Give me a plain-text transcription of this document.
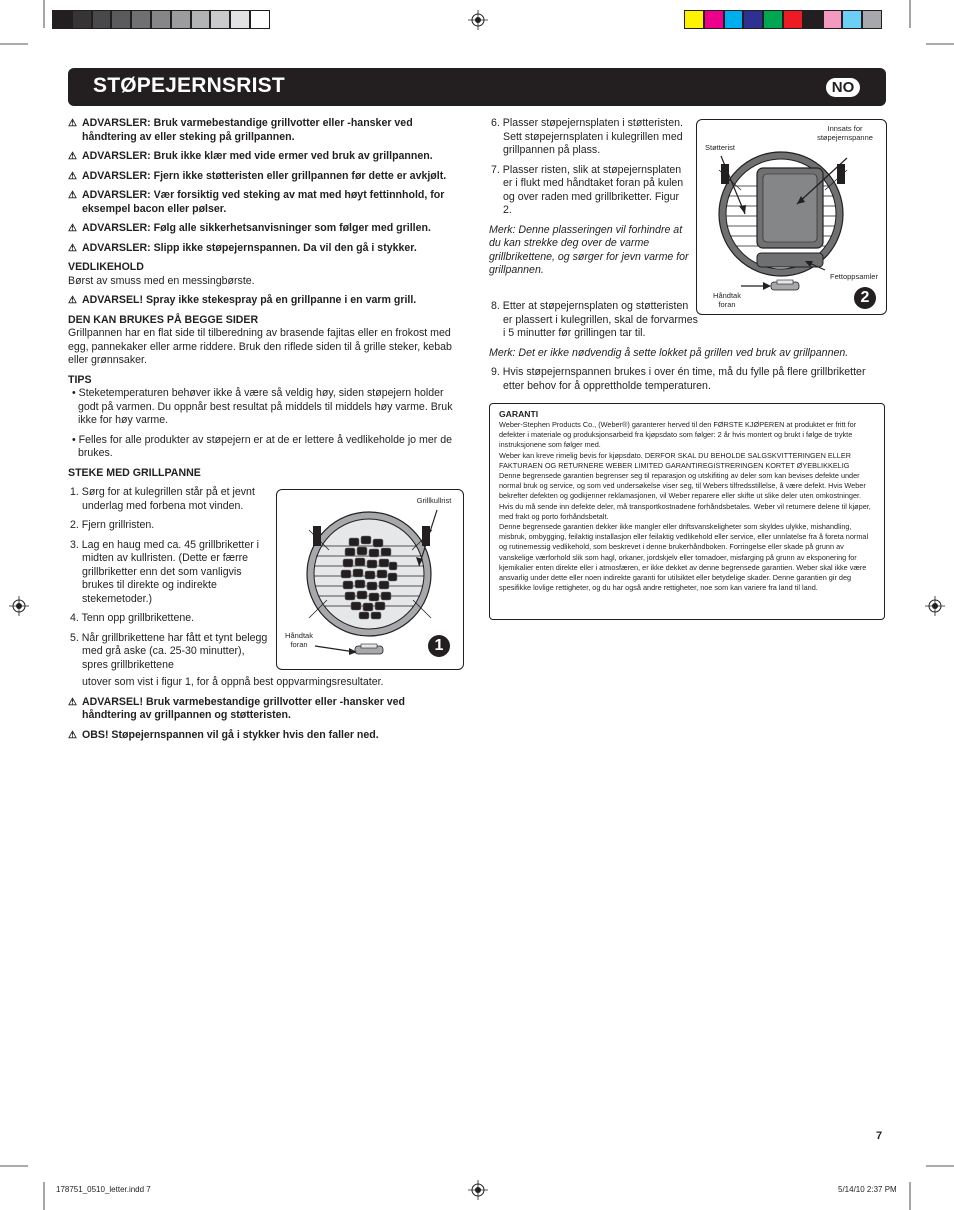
STØPEJERNSRIST	NO

⚠ ADVARSLER: Bruk varmebestandige grillvotter eller -hansker ved håndtering av eller steking på grillpannen.

⚠ ADVARSLER: Bruk ikke klær med vide ermer ved bruk av grillpannen.

⚠ ADVARSLER: Fjern ikke støtteristen eller grillpannen før dette er avkjølt.

⚠ ADVARSLER: Vær forsiktig ved steking av mat med høyt fettinnhold, for eksempel bacon eller pølser.

⚠ ADVARSLER: Følg alle sikkerhetsanvisninger som følger med grillen.

⚠ ADVARSLER: Slipp ikke støpejernspannen. Da vil den gå i stykker.

VEDLIKEHOLD

Børst av smuss med en messingbørste.

⚠ ADVARSEL! Spray ikke stekespray på en grillpanne i en varm grill.

DEN KAN BRUKES PÅ BEGGE SIDER

Grillpannen har en flat side til tilberedning av brasende fajitas eller en frokost med egg, pannekaker eller arme riddere. Bruk den riflede siden til å grille steker, kebab eller grønnsaker.

TIPS

• Steketemperaturen behøver ikke å være så veldig høy, siden støpejern holder godt på varmen. Du oppnår best resultat på middels til middels høy varme. Bruk ikke for høy varme.

• Felles for alle produkter av støpejern er at de er lettere å vedlikeholde jo mer de brukes.

STEKE MED GRILLPANNE

1. Sørg for at kulegrillen står på et jevnt underlag med forbena mot vinden.

2. Fjern grillristen.

3. Lag en haug med ca. 45 grillbriketter i midten av kullristen. (Dette er færre grillbriketter enn det som vanligvis brukes til direkte og indirekte stekemetoder.)

4. Tenn opp grillbrikettene.

5. Når grillbrikettene har fått et tynt belegg med grå aske (ca. 25-30 minutter), spres grillbrikettene

utover som vist i figur 1, for å oppnå best oppvarmingsresultater.

⚠ ADVARSEL! Bruk varmebestandige grillvotter eller -hansker ved håndtering av grillpannen og støtteristen.

⚠ OBS! Støpejernspannen vil gå i stykker hvis den faller ned.

Grillkullrist
Håndtak foran	1

6. Plasser støpejernsplaten i støtteristen. Sett støpejernsplaten i kulegrillen med grillpannen på plass.

7. Plasser risten, slik at støpejernsplaten er i flukt med håndtaket foran på kulen og over raden med grillbriketter. Figur 2.

Merk: Denne plasseringen vil forhindre at du kan strekke deg over de varme grillbrikettene, og sørger for jevn varme for grillpannen.

8. Etter at støpejernsplaten og støtteristen er plassert i kulegrillen, skal de forvarmes i 5 minutter før grillingen tar til.

Merk: Det er ikke nødvendig å sette lokket på grillen ved bruk av grillpannen.

9. Hvis støpejernspannen brukes i over én time, må du fylle på flere grillbriketter etter behov for å opprettholde temperaturen.

Støtterist
Innsats for støpejernspanne
Fettoppsamler
Håndtak foran	2

GARANTI

Weber-Stephen Products Co., (Weber®) garanterer herved til den FØRSTE KJØPEREN at produktet er fritt for defekter i materiale og produksjonsarbeid fra kjøpsdato som følger: 2 år hvis montert og brukt i følge de trykte instruksjonene som følger med.

Weber kan kreve rimelig bevis for kjøpsdato. DERFOR SKAL DU BEHOLDE SALGSKVITTERINGEN ELLER FAKTURAEN OG RETURNERE WEBER LIMITED GARANTIREGISTRERINGEN KORTET ØYEBLIKKELIG

Denne begrensede garantien begrenser seg til reparasjon og utskifiting av deler som kan bevises defekte under normal bruk og service, og som ved undersøkelse viser seg, til Webers tilfredsstillelse, å være defekt. Hvis Weber bekrefter defekten og godkjenner reklamasjonen, vil Weber reparere eller skifte ut slike deler uten omkostninger. Hvis du må sende inn defekte deler, må transportkostnadene forhåndsbetales. Weber vil returnere delene til kjøper, med frakt og porto forhåndsbetalt.

Denne begrensede garantien dekker ikke mangler eller driftsvanskeligheter som skyldes ulykke, mishandling, misbruk, ombygging, feilaktig installasjon eller feilaktig vedlikehold eller service, eller unnlatelse fra å foreta normal og rutinemessig vedlikehold, som beskrevet i denne brukerhåndboken. Forringelse eller skade på grunn av vanskelige værforhold slik som hagl, orkaner, jordskjelv eller tornadoer, misfarging på grunn av eksponering for kjemikalier enten direkte eller i atmosfæren, er ikke dekket av denne begrensede garantien. Weber skal ikke være ansvarlig under dette eller noen indirekte garanti for utilsiktet eller betydelige skader. Denne garantien gir deg spesifikke lovlige rettigheter, og du har også andre rettigheter, noe som kan variere fra land til land.

7
178751_0510_letter.indd 7	5/14/10 2:37 PM
